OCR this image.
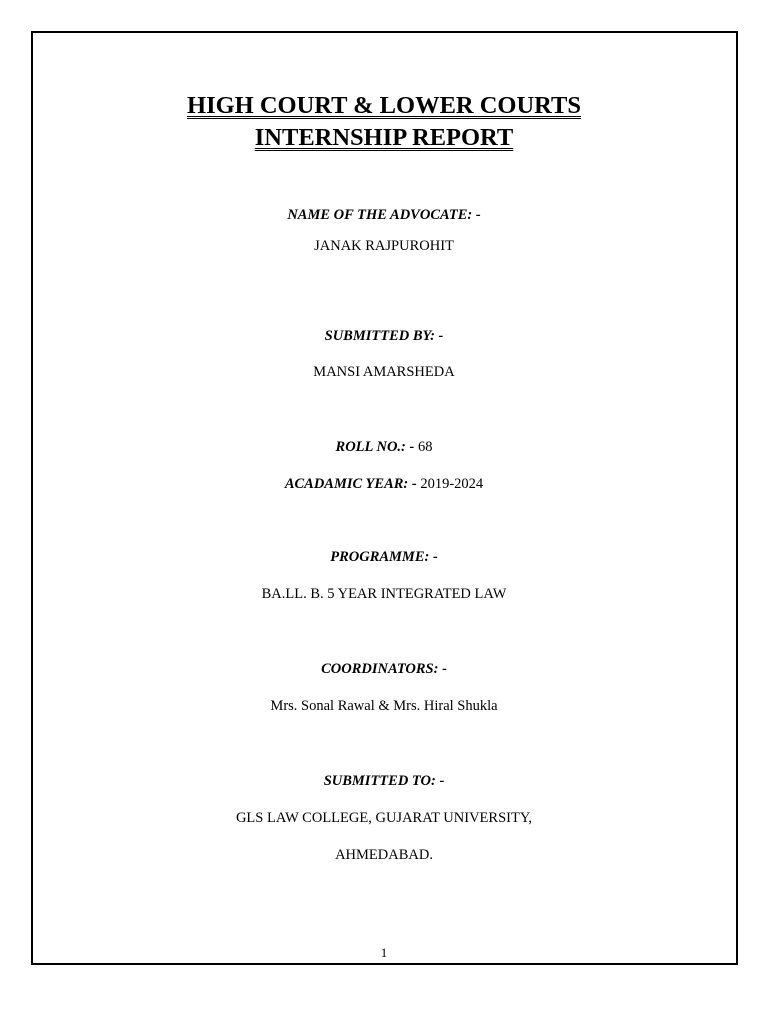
HIGH COURT & LOWER COURTS
INTERNSHIP REPORT
NAME OF THE ADVOCATE: -
JANAK RAJPUROHIT
SUBMITTED BY: -
MANSI AMARSHEDA
ROLL NO.: - 68
ACADAMIC YEAR: - 2019-2024
PROGRAMME: -
BA.LL. B. 5 YEAR INTEGRATED LAW
COORDINATORS: -
Mrs. Sonal Rawal & Mrs. Hiral Shukla
SUBMITTED TO: -
GLS LAW COLLEGE, GUJARAT UNIVERSITY,
AHMEDABAD.
1
